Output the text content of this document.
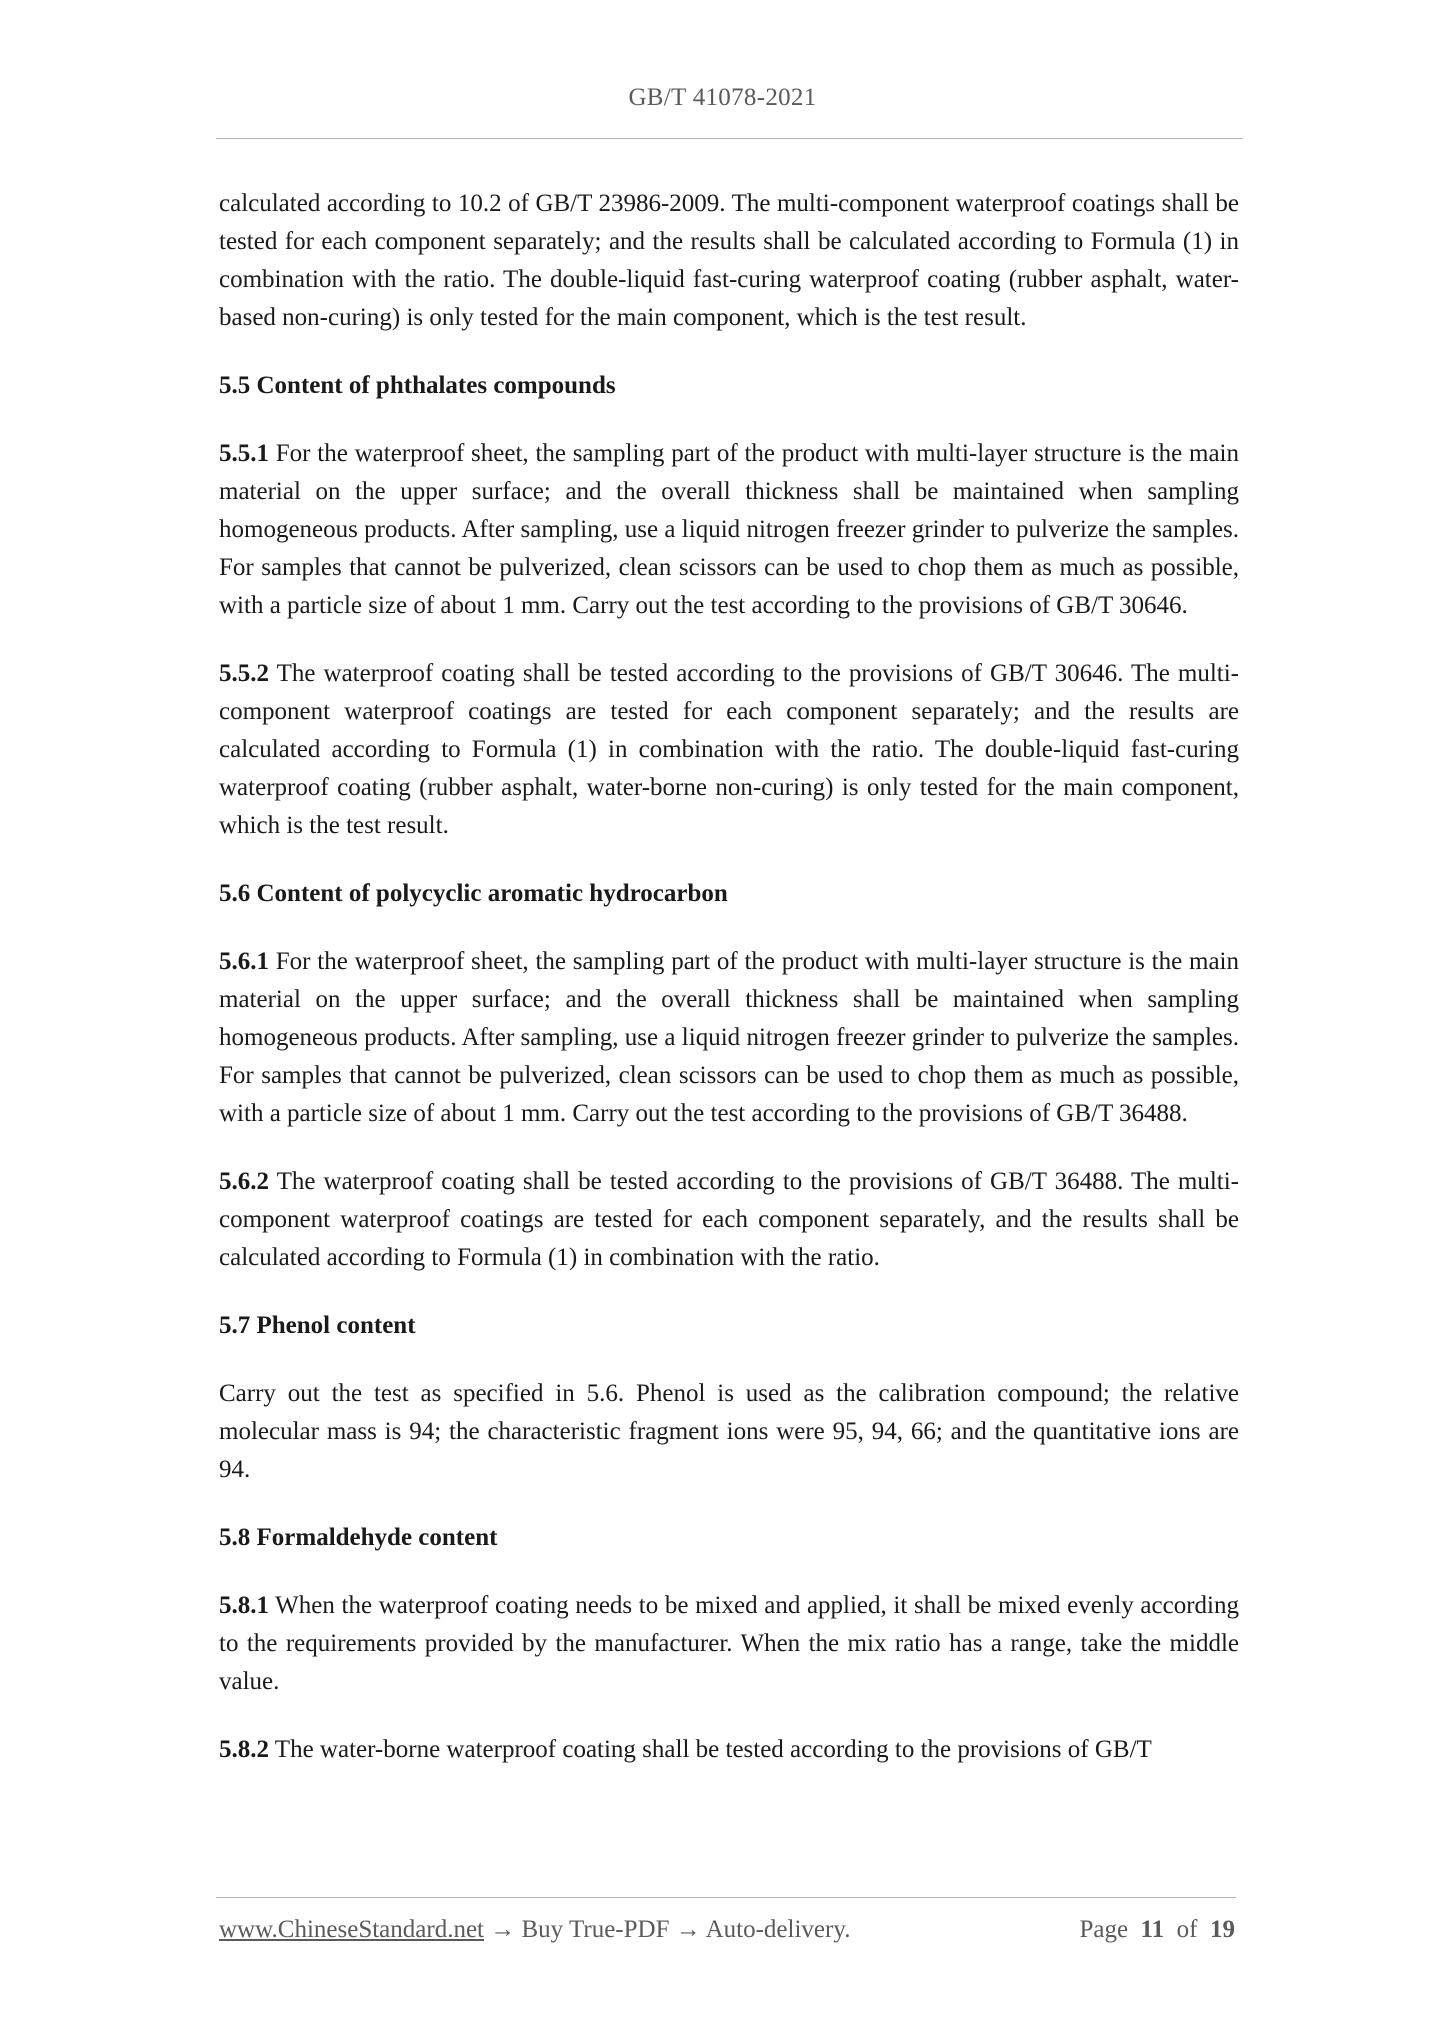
GB/T 41078-2021

calculated according to 10.2 of GB/T 23986-2009. The multi-component waterproof coatings shall be tested for each component separately; and the results shall be calculated according to Formula (1) in combination with the ratio. The double-liquid fast-curing waterproof coating (rubber asphalt, water-based non-curing) is only tested for the main component, which is the test result.

5.5 Content of phthalates compounds

5.5.1 For the waterproof sheet, the sampling part of the product with multi-layer structure is the main material on the upper surface; and the overall thickness shall be maintained when sampling homogeneous products. After sampling, use a liquid nitrogen freezer grinder to pulverize the samples. For samples that cannot be pulverized, clean scissors can be used to chop them as much as possible, with a particle size of about 1 mm. Carry out the test according to the provisions of GB/T 30646.

5.5.2 The waterproof coating shall be tested according to the provisions of GB/T 30646. The multi-component waterproof coatings are tested for each component separately; and the results are calculated according to Formula (1) in combination with the ratio. The double-liquid fast-curing waterproof coating (rubber asphalt, water-borne non-curing) is only tested for the main component, which is the test result.

5.6 Content of polycyclic aromatic hydrocarbon

5.6.1 For the waterproof sheet, the sampling part of the product with multi-layer structure is the main material on the upper surface; and the overall thickness shall be maintained when sampling homogeneous products. After sampling, use a liquid nitrogen freezer grinder to pulverize the samples. For samples that cannot be pulverized, clean scissors can be used to chop them as much as possible, with a particle size of about 1 mm. Carry out the test according to the provisions of GB/T 36488.

5.6.2 The waterproof coating shall be tested according to the provisions of GB/T 36488. The multi-component waterproof coatings are tested for each component separately, and the results shall be calculated according to Formula (1) in combination with the ratio.

5.7 Phenol content

Carry out the test as specified in 5.6. Phenol is used as the calibration compound; the relative molecular mass is 94; the characteristic fragment ions were 95, 94, 66; and the quantitative ions are 94.

5.8 Formaldehyde content

5.8.1 When the waterproof coating needs to be mixed and applied, it shall be mixed evenly according to the requirements provided by the manufacturer. When the mix ratio has a range, take the middle value.

5.8.2 The water-borne waterproof coating shall be tested according to the provisions of GB/T

www.ChineseStandard.net → Buy True-PDF → Auto-delivery.	Page 11 of 19
